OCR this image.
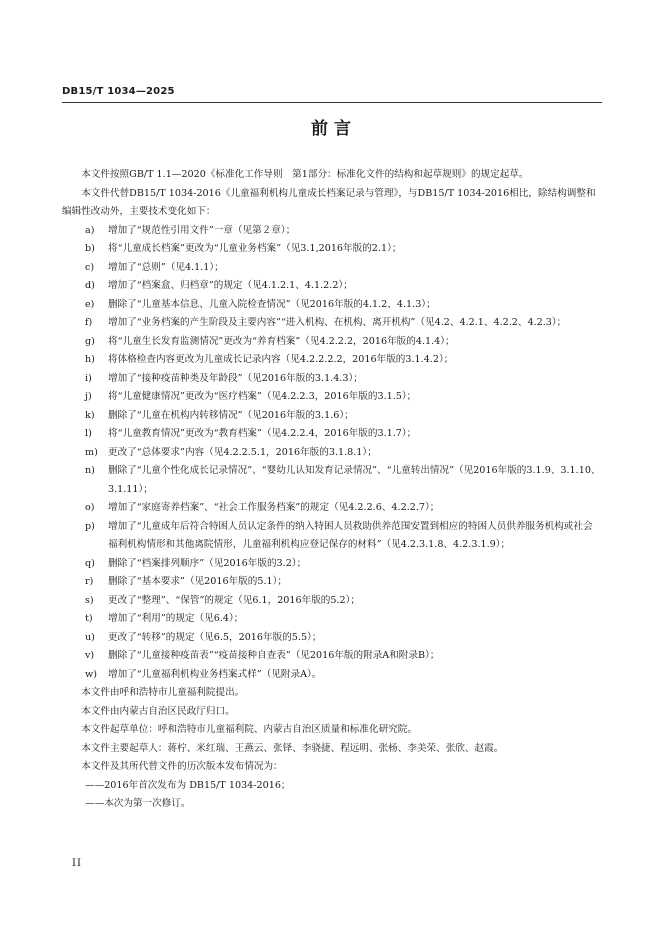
DB15/T 1034—2025
前 言
本文件按照GB/T 1.1—2020《标准化工作导则　第1部分：标准化文件的结构和起草规则》的规定起草。
本文件代替DB15/T 1034-2016《儿童福利机构儿童成长档案记录与管理》，与DB15/T 1034-2016相比，除结构调整和编辑性改动外，主要技术变化如下：
a) 增加了“规范性引用文件”一章（见第２章）；
b) 将“儿童成长档案”更改为“儿童业务档案”（见3.1,2016年版的2.1）；
c) 增加了“总则”（见4.1.1）；
d) 增加了“档案盒、归档章”的规定（见4.1.2.1、4.1.2.2）；
e) 删除了“儿童基本信息、儿童入院检查情况”（见2016年版的4.1.2、4.1.3）；
f) 增加了“业务档案的产生阶段及主要内容”“进入机构、在机构、离开机构”（见4.2、4.2.1、4.2.2、4.2.3）；
g) 将“儿童生长发育监测情况”更改为“养育档案”（见4.2.2.2，2016年版的4.1.4）；
h) 将体格检查内容更改为儿童成长记录内容（见4.2.2.2.2，2016年版的3.1.4.2）；
i) 增加了“接种疫苗种类及年龄段”（见2016年版的3.1.4.3）；
j) 将“儿童健康情况”更改为“医疗档案”（见4.2.2.3，2016年版的3.1.5）；
k) 删除了“儿童在机构内转移情况”（见2016年版的3.1.6）；
l) 将“儿童教育情况”更改为“教育档案”（见4.2.2.4，2016年版的3.1.7）；
m) 更改了“总体要求”内容（见4.2.2.5.1，2016年版的3.1.8.1）；
n) 删除了“儿童个性化成长记录情况”、“婴幼儿认知发育记录情况”、“儿童转出情况”（见2016年版的3.1.9、3.1.10、3.1.11）；
o) 增加了“家庭寄养档案”、“社会工作服务档案”的规定（见4.2.2.6、4.2.2.7）；
p) 增加了“儿童成年后符合特困人员认定条件的纳入特困人员救助供养范围安置到相应的特困人员供养服务机构或社会福利机构情形和其他离院情形，儿童福利机构应登记保存的材料”（见4.2.3.1.8、4.2.3.1.9）；
q) 删除了“档案排列顺序”（见2016年版的3.2）；
r) 删除了“基本要求”（见2016年版的5.1）；
s) 更改了“整理”、“保管”的规定（见6.1，2016年版的5.2）；
t) 增加了“利用”的规定（见6.4）；
u) 更改了“转移”的规定（见6.5，2016年版的5.5）；
v) 删除了“儿童接种疫苗表”“疫苗接种自查表”（见2016年版的附录A和附录B）；
w) 增加了“儿童福利机构业务档案式样”（见附录A）。
本文件由呼和浩特市儿童福利院提出。
本文件由内蒙古自治区民政厅归口。
本文件起草单位：呼和浩特市儿童福利院、内蒙古自治区质量和标准化研究院。
本文件主要起草人：蒋柠、米红瑞、王燕云、张铎、李骁捷、程远明、张杨、李美荣、张欣、赵霞。
本文件及其所代替文件的历次版本发布情况为：
——2016年首次发布为 DB15/T 1034-2016；
——本次为第一次修订。
II
